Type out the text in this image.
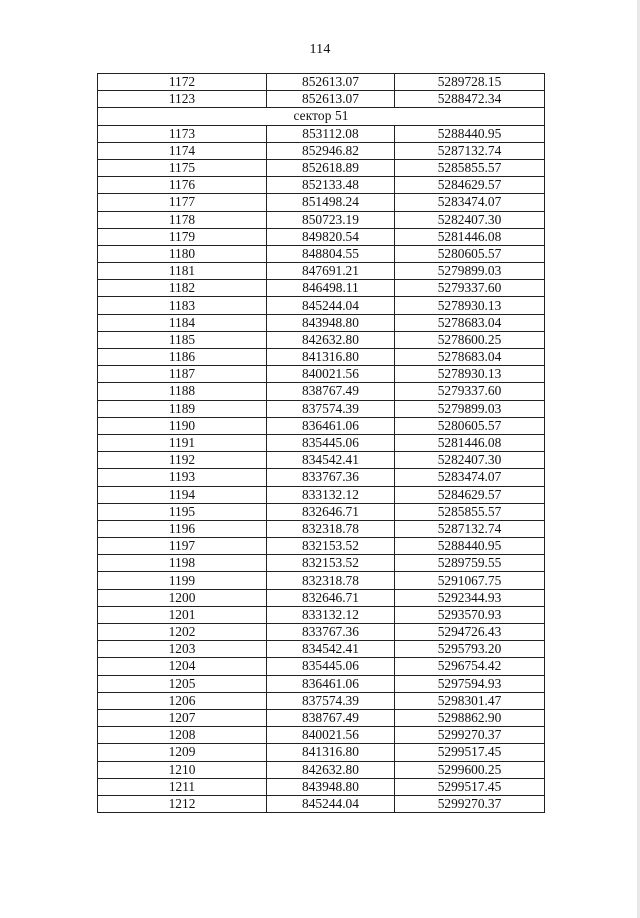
114
1172	852613.07	5289728.15
1123	852613.07	5288472.34
сектор 51		
1173	853112.08	5288440.95
1174	852946.82	5287132.74
1175	852618.89	5285855.57
1176	852133.48	5284629.57
1177	851498.24	5283474.07
1178	850723.19	5282407.30
1179	849820.54	5281446.08
1180	848804.55	5280605.57
1181	847691.21	5279899.03
1182	846498.11	5279337.60
1183	845244.04	5278930.13
1184	843948.80	5278683.04
1185	842632.80	5278600.25
1186	841316.80	5278683.04
1187	840021.56	5278930.13
1188	838767.49	5279337.60
1189	837574.39	5279899.03
1190	836461.06	5280605.57
1191	835445.06	5281446.08
1192	834542.41	5282407.30
1193	833767.36	5283474.07
1194	833132.12	5284629.57
1195	832646.71	5285855.57
1196	832318.78	5287132.74
1197	832153.52	5288440.95
1198	832153.52	5289759.55
1199	832318.78	5291067.75
1200	832646.71	5292344.93
1201	833132.12	5293570.93
1202	833767.36	5294726.43
1203	834542.41	5295793.20
1204	835445.06	5296754.42
1205	836461.06	5297594.93
1206	837574.39	5298301.47
1207	838767.49	5298862.90
1208	840021.56	5299270.37
1209	841316.80	5299517.45
1210	842632.80	5299600.25
1211	843948.80	5299517.45
1212	845244.04	5299270.37
